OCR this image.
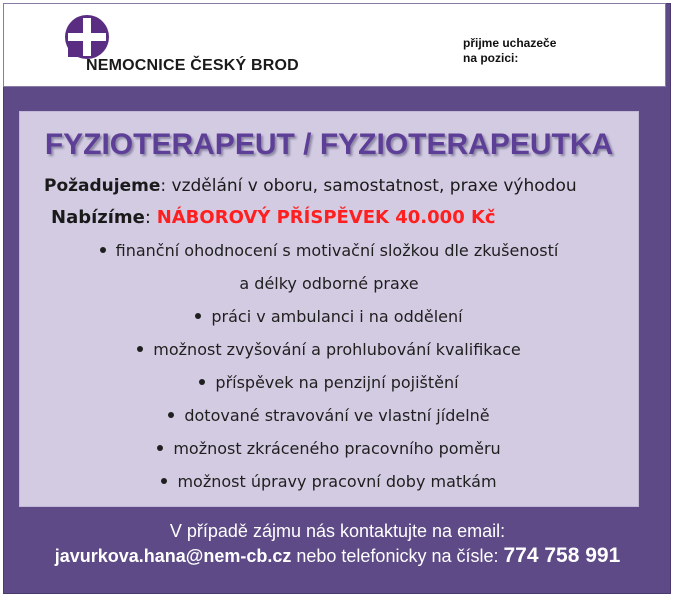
NEMOCNICE ČESKÝ BROD
přijme uchazeče
na pozici:
FYZIOTERAPEUT / FYZIOTERAPEUTKA
Požadujeme: vzdělání v oboru, samostatnost, praxe výhodou
Nabízíme: NÁBOROVÝ PŘÍSPĚVEK 40.000 Kč
finanční ohodnocení s motivační složkou dle zkušeností
a délky odborné praxe
práci v ambulanci i na oddělení
možnost zvyšování a prohlubování kvalifikace
příspěvek na penzijní pojištění
dotované stravování ve vlastní jídelně
možnost zkráceného pracovního poměru
možnost úpravy pracovní doby matkám
V případě zájmu nás kontaktujte na email:
javurkova.hana@nem-cb.cz nebo telefonicky na čísle: 774 758 991
